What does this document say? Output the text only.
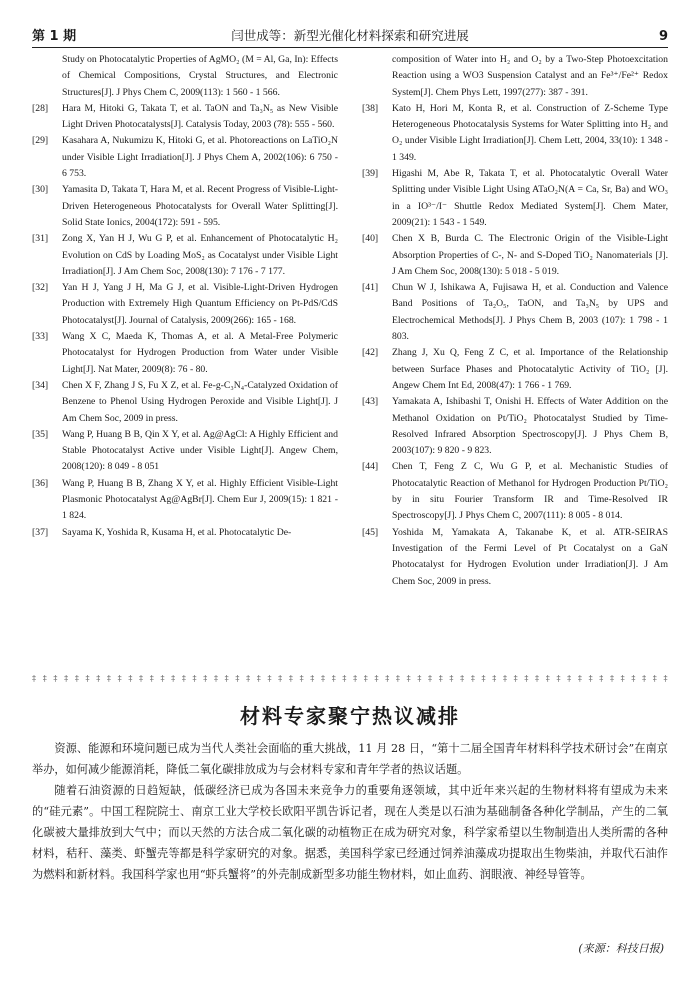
第 1 期	闫世成等：新型光催化材料探索和研究进展	9

Study on Photocatalytic Properties of AgMO₂ (M = Al, Ga, In): Effects of Chemical Compositions, Crystal Structures, and Electronic Structures[J]. J Phys Chem C, 2009(113): 1 560 - 1 566.

[28] Hara M, Hitoki G, Takata T, et al. TaON and Ta₃N₅ as New Visible Light Driven Photocatalysts[J]. Catalysis Today, 2003 (78): 555 - 560.

[29] Kasahara A, Nukumizu K, Hitoki G, et al. Photoreactions on LaTiO₂N under Visible Light Irradiation[J]. J Phys Chem A, 2002(106): 6 750 - 6 753.

[30] Yamasita D, Takata T, Hara M, et al. Recent Progress of Visible-Light-Driven Heterogeneous Photocatalysts for Overall Water Splitting[J]. Solid State Ionics, 2004(172): 591 - 595.

[31] Zong X, Yan H J, Wu G P, et al. Enhancement of Photocatalytic H₂ Evolution on CdS by Loading MoS₂ as Cocatalyst under Visible Light Irradiation[J]. J Am Chem Soc, 2008(130): 7 176 - 7 177.

[32] Yan H J, Yang J H, Ma G J, et al. Visible-Light-Driven Hydrogen Production with Extremely High Quantum Efficiency on Pt-PdS/CdS Photocatalyst[J]. Journal of Catalysis, 2009(266): 165 - 168.

[33] Wang X C, Maeda K, Thomas A, et al. A Metal-Free Polymeric Photocatalyst for Hydrogen Production from Water under Visible Light[J]. Nat Mater, 2009(8): 76 - 80.

[34] Chen X F, Zhang J S, Fu X Z, et al. Fe-g-C₃N₄-Catalyzed Oxidation of Benzene to Phenol Using Hydrogen Peroxide and Visible Light[J]. J Am Chem Soc, 2009 in press.

[35] Wang P, Huang B B, Qin X Y, et al. Ag@AgCl: A Highly Efficient and Stable Photocatalyst Active under Visible Light[J]. Angew Chem, 2008(120): 8 049 - 8 051

[36] Wang P, Huang B B, Zhang X Y, et al. Highly Efficient Visible-Light Plasmonic Photocatalyst Ag@AgBr[J]. Chem Eur J, 2009(15): 1 821 - 1 824.

[37] Sayama K, Yoshida R, Kusama H, et al. Photocatalytic De-

composition of Water into H₂ and O₂ by a Two-Step Photoexcitation Reaction using a WO3 Suspension Catalyst and an Fe³⁺/Fe²⁺ Redox System[J]. Chem Phys Lett, 1997(277): 387 - 391.

[38] Kato H, Hori M, Konta R, et al. Construction of Z-Scheme Type Heterogeneous Photocatalysis Systems for Water Splitting into H₂ and O₂ under Visible Light Irradiation[J]. Chem Lett, 2004, 33(10): 1 348 - 1 349.

[39] Higashi M, Abe R, Takata T, et al. Photocatalytic Overall Water Splitting under Visible Light Using ATaO₂N(A = Ca, Sr, Ba) and WO₃ in a IO³⁻/I⁻ Shuttle Redox Mediated System[J]. Chem Mater, 2009(21): 1 543 - 1 549.

[40] Chen X B, Burda C. The Electronic Origin of the Visible-Light Absorption Properties of C-, N- and S-Doped TiO₂ Nanomaterials [J]. J Am Chem Soc, 2008(130): 5 018 - 5 019.

[41] Chun W J, Ishikawa A, Fujisawa H, et al. Conduction and Valence Band Positions of Ta₂O₅, TaON, and Ta₃N₅ by UPS and Electrochemical Methods[J]. J Phys Chem B, 2003 (107): 1 798 - 1 803.

[42] Zhang J, Xu Q, Feng Z C, et al. Importance of the Relationship between Surface Phases and Photocatalytic Activity of TiO₂ [J]. Angew Chem Int Ed, 2008(47): 1 766 - 1 769.

[43] Yamakata A, Ishibashi T, Onishi H. Effects of Water Addition on the Methanol Oxidation on Pt/TiO₂ Photocatalyst Studied by Time-Resolved Infrared Absorption Spectroscopy[J]. J Phys Chem B, 2003(107): 9 820 - 9 823.

[44] Chen T, Feng Z C, Wu G P, et al. Mechanistic Studies of Photocatalytic Reaction of Methanol for Hydrogen Production Pt/TiO₂ by in situ Fourier Transform IR and Time-Resolved IR Spectroscopy[J]. J Phys Chem C, 2007(111): 8 005 - 8 014.

[45] Yoshida M, Yamakata A, Takanabe K, et al. ATR-SEIRAS Investigation of the Fermi Level of Pt Cocatalyst on a GaN Photocatalyst for Hydrogen Evolution under Irradiation[J]. J Am Chem Soc, 2009 in press.

‡ ‡ ‡ ‡ ‡ ‡ ‡ ‡ ‡ ‡ ‡ ‡ ‡ ‡ ‡ ‡ ‡ ‡ ‡ ‡ ‡ ‡ ‡ ‡ ‡ ‡ ‡ ‡ ‡ ‡ ‡ ‡ ‡ ‡ ‡ ‡ ‡ ‡ ‡ ‡ ‡ ‡ ‡ ‡ ‡ ‡ ‡ ‡ ‡ ‡ ‡ ‡ ‡ ‡ ‡ ‡ ‡ ‡ ‡ ‡
材料专家聚宁热议减排

资源、能源和环境问题已成为当代人类社会面临的重大挑战，11 月 28 日，“第十二届全国青年材料科学技术研讨会”在南京举办，如何减少能源消耗，降低二氧化碳排放成为与会材料专家和青年学者的热议话题。

随着石油资源的日趋短缺，低碳经济已成为各国未来竞争力的重要角逐领域，其中近年来兴起的生物材料将有望成为未来的“硅元素”。中国工程院院士、南京工业大学校长欧阳平凯告诉记者，现在人类是以石油为基础制备各种化学制品，产生的二氧化碳被大量排放到大气中；而以天然的方法合成二氧化碳的动植物正在成为研究对象，科学家希望以生物制造出人类所需的各种材料，秸秆、藻类、虾蟹壳等都是科学家研究的对象。据悉，美国科学家已经通过饲养油藻成功提取出生物柴油，并取代石油作为燃料和新材料。我国科学家也用“虾兵蟹将”的外壳制成新型多功能生物材料，如止血药、润眼液、神经导管等。

(来源：科技日报)
